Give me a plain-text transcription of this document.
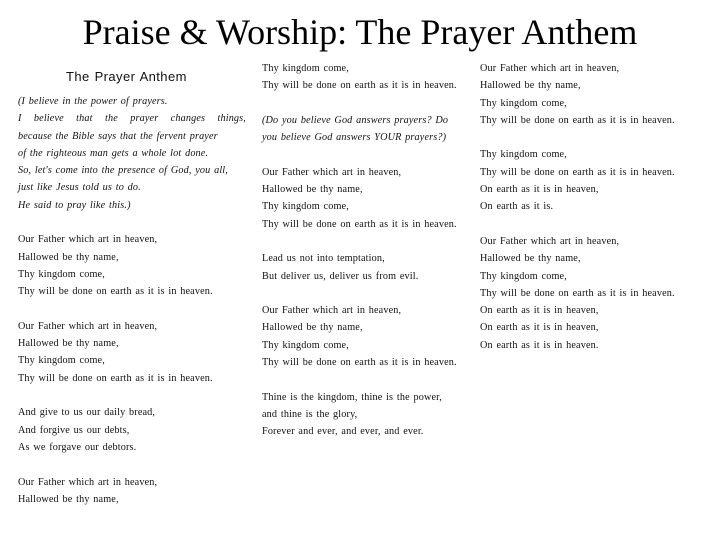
Praise & Worship: The Prayer Anthem
The Prayer Anthem
(I believe in the power of prayers.
I believe that the prayer changes things,
because the Bible says that the fervent prayer
of the righteous man gets a whole lot done.
So, let's come into the presence of God, you all,
just like Jesus told us to do.
He said to pray like this.)
Our Father which art in heaven,
Hallowed be thy name,
Thy kingdom come,
Thy will be done on earth as it is in heaven.
Our Father which art in heaven,
Hallowed be thy name,
Thy kingdom come,
Thy will be done on earth as it is in heaven.
And give to us our daily bread,
And forgive us our debts,
As we forgave our debtors.
Our Father which art in heaven,
Hallowed be thy name,
Thy kingdom come,
Thy will be done on earth as it is in heaven.
(Do you believe God answers prayers? Do you believe God answers YOUR prayers?)
Our Father which art in heaven,
Hallowed be thy name,
Thy kingdom come,
Thy will be done on earth as it is in heaven.
Lead us not into temptation,
But deliver us, deliver us from evil.
Our Father which art in heaven,
Hallowed be thy name,
Thy kingdom come,
Thy will be done on earth as it is in heaven.
Thine is the kingdom, thine is the power,
and thine is the glory,
Forever and ever, and ever, and ever.
Our Father which art in heaven,
Hallowed be thy name,
Thy kingdom come,
Thy will be done on earth as it is in heaven.
Thy kingdom come,
Thy will be done on earth as it is in heaven.
On earth as it is in heaven,
On earth as it is.
Our Father which art in heaven,
Hallowed be thy name,
Thy kingdom come,
Thy will be done on earth as it is in heaven.
On earth as it is in heaven,
On earth as it is in heaven,
On earth as it is in heaven.
